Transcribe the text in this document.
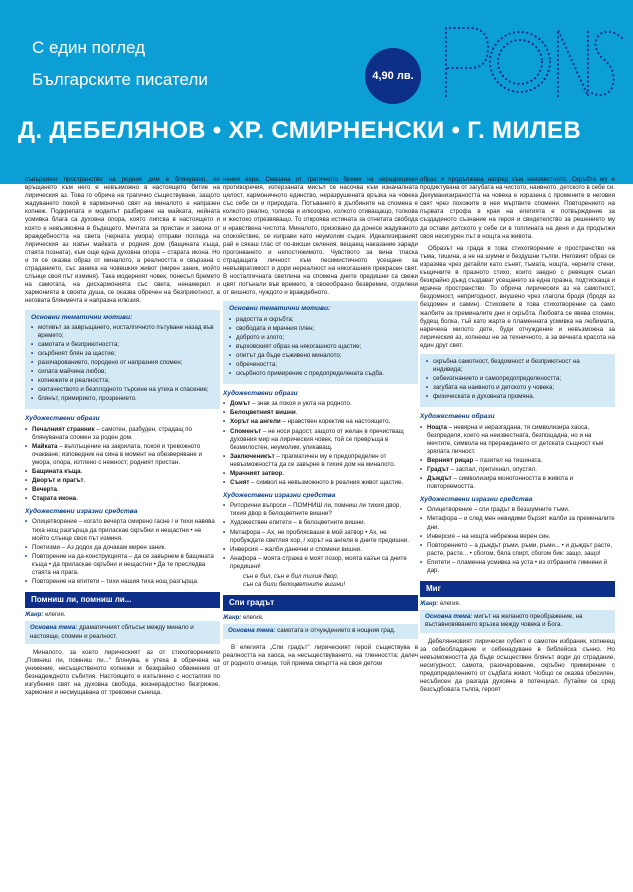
С един поглед
Българските писатели	4,90 лв.
Д. ДЕБЕЛЯНОВ • ХР. СМИРНЕНСКИ • Г. МИЛЕВ

съвършено пространство на родния дом е блянувано, но връщането към него е невъзможно в настоящето битие на лирическия аз. Това го обрича на трагично съществуване, защото жадуването покой в хармонично свят на миналото е напразен копнеж. Подкрепата и моделът разбиране на майката, нейната усмивка блага са духовна опора, която липсва в настоящето и която е невъзможна в бъдещето. Мечтата за пристан и закона от враждебността на света (черната умора) отправи погледа на лирическия аз извън майката и родния дом (бащината къща, стаята позната), към още една духовна опора – старата икона. Но и тя се оказва образ от миналото, а реалността е свързана с страданието, със заника на човешкия живот (мирен заник, мойто слънце своя път изминя). Така модерният човек, понесъл бремето на самотата, на дисхармонията със света, ненамерил и хармонията в своята душа, се оказва обречен на безприютност, а неговата блянмечта е напразна илюзия.

Основни тематични мотиви:
• мотивът за завръщането, носталгичното пътуване назад във времето;
• самотата и безприютността;
• скърбният блян за щастие;
• разочарованието, породено от напразния спомен;
• силата майчина любов;
• копнежите и реалността;
• скитачеството и безплодното търсене на утеха и спасение;
• блянът, примирието, прозрението.
Художествени образи
• Печалният странник – самотен, разбуден, страдащ по блянуваната спомен за роден дом.
• Майката – въплъщение на закрилата, покоя и тревожното очакване; изповедник на сина в момент на обезверяване и умора, опора, изтлено с нежност; родният пристан.
• Бащината къща.
• Дворът и прагът.
• Вечерта.
• Старата икона.
Художествени изразни средства
• Олицетворение – когато вечерта смирено гасне / и тихи навява тиха нощ разгърща да приласкае скръбни и нещастни • не мойто слънце своя път изминя.
• Поетизми – Аз додох да дочакам мирен заник.
• Повторение на да-конструкцията – да се завърнем в бащината къща • да приласкае скръбни и нещастни • Да те преследва стаята на прага.
• Повторение на епитети – тихи нашия тиха нощ разгърща.
Помниш ли, помниш ли...
Жанр: елегия.
Основна тема: драматичният сблъсък между минало и настояще, спомен и реалност.

Миналото, за което лирическият аз от стихотворението „Помниш ли, помниш ли..." блянува, е утеха в обречена на унижение, несъщественото копнежи и безкрайно обвинения от безнадеждното събития. Настоящето е изпълнено с носталгия по изгубения свят на духовна свобода, жизнерадостно безгрижие, хармония и несмущавана от тревожни сънища.

нения вяра. Смазана от трагичното бреме на неразрешими противоречия, изтерзаната мисъл се насочва към изначалната цялост, хармоничното единство, неразрушената връзка на човека със себе си и природата. Потъването в дълбините на спомена е колкото реално, толкова и илюзорно, колкото отиващащо, толкова и жестоко отрезвяващо. То откроява истината за отнетата свобода и нравствена чистота. Миналото, призовано да донесе жадуваното спокойствие, се изправи като неумолим съдия. Идеализираният рай е сякаш глас от по-висши селения, вещаещ наказание заради прогонването и непостижимото. Чувството за вина тласка страдащата личност към песимистичното усещане за невъзвратимост и дори нереалност на някогашния прекрасен свят. В носталгичната светлина на спомена дните предишни са свежи цвят потънали във времето, в своеобразно безвремие, отделени от вишното, чуждото и враждебното.

Основни тематични мотиви:
• радостта и скръбта;
• свободата и мрачния плен;
• доброто и злото;
• върховският образ на някогашното щастие;
• опитът да бъде съживено миналото;
• обречеността;
• скърбното примирение с предопределената съдба.
Художествени образи
• Домът – знак за покоя и уюта на родното.
• Белоцветният вишни.
• Хорът на ангели – нравствен коректив на настоящето.
• Споменът – не носи радост, защото от желан в пречистващ духовния мир на лирическия човек, той се превръща в безмилостен, неумолим, уликаващ.
• Заключеникът – прагматичен му е предопределен от невъзможността да се завърне в тихия дом на миналото.
• Мрачният затвор.
• Сънят – символ на невъзможното в реалния живот щастие.
Художествени изразни средства
• Риторични въпроси – ПОМНИШ ли, помниш ли тихия двор, тихия двор в белоцветните вишни?
• Художествен епитети – в белоцветните вишни.
• Метафора – Ах, не проблясваше в мой затвор • Ах, не пробуждате светлия хор, / хорът на ангели в дните предишни.
• Инверсия – жалби данечни и спомени вишни.
• Анафора – моята стража е моят позор, моята казън са дните предишни!

сън е бил, сън е бил тихия двор,

сън са били белоцветните вишни!

Спи градът
Жанр: елегия.
Основна тема: самотата и отчуждението в нощния град.

В елегията „Спи градът" лирическият герой съществува в реалността на хаоса, на несъществуването, на тленността; далеч от родното огнище, той приема смъртта на своя детски

образ и продължава напред към неизвестното. Скръбта му е продиктувана от загубата на чистото, наивното, детското в себе си. Дехуманизираността на човека е изразена с промените в неговия свят чрез похожите в нея мъртвите спомени. Повторението на първата строфа в края на елегията е потвърждение за създаденото съзнание на героя и свидетелство за решението му да остави детското у себе си в топлината на деня и да продължи своя несигурен път в нощта на живота.

Образът на града в това стихотворение е пространство на тъма, тишина, а не на шумни и бездушни тълпи. Неговият образ се изразява чрез детайли като сънят, тъмата, нощта, черните стени, къщичките в празното стихо, които заедно с ревящия съкал безкрайно дъжд създават усещането за една празна, подтискаща и мрачна пространство. То обрича лирическия аз на самотност, бездомност, непригодност, внушено чрез глагола бродя (бродя аз бездомен и самин). Стиховете в това стихотворение са само жалбите за преминалите дни и скръбта. Любовта се явява спомен, будещ болка, тъй като жарта е пламенната усмивка на любимата, наречена милото дете, буди отчуждение и невъзможна за лирическия аз, копнееш не за техничното, а за вечната красота на един друг свят.

• скръбна самотност, бездомност и безприютност на индивида;
• себеизгнанието и самопредопределеността;
• загубата на наивното и детското у човека;
• физическата и духовната промяна.
Художествени образи
• Нощта – невярна и неразгадана, тя символизира хаоса, безпределя, което на неизвестната, безпощадна, но и на мечтите, символа на прераждането от детската същност към зрялата личност.
• Верният рицар – пазител на тишината.
• Градът – заспал, притихнал, опустял.
• Дъждът – символизира монотонността в живота и повторяемостта.
Художествени изразни средства
• Олицетворение – спи градът в безшумните тъми.
• Метафора – и след мен невидими бързят жалби за преминалите дни.
• Инверсия – на нощта небрежна верен син.
• Повторението – а дъждът ръми, ръми, ръми... • и дъждът расте, расте, расте... • сбогом, бяла спирт, сбогом бик: защо, защо!
• Епитети – пламенна усмивка на уста • из отбраните гимнени й дар.
Миг
Жанр: елегия.
Основна тема: мигът на желаното преображение, на въставновяването връзка между човека и Бога.

Дебелянновият лирически субект е самотен избраник, копнеещ за себеобладание и себенадуване в библейска сънно. Но невъзможността да бъде осъществен блянът води до страдание, несигурност, самота, разочарование, скръбно примирение с предопределението от съдбата живот. Чобщо се оказва обесилен, несъбисен да разгада духовна в потенциал. Лутайки се сред безсъдбовата тълпа, героят
